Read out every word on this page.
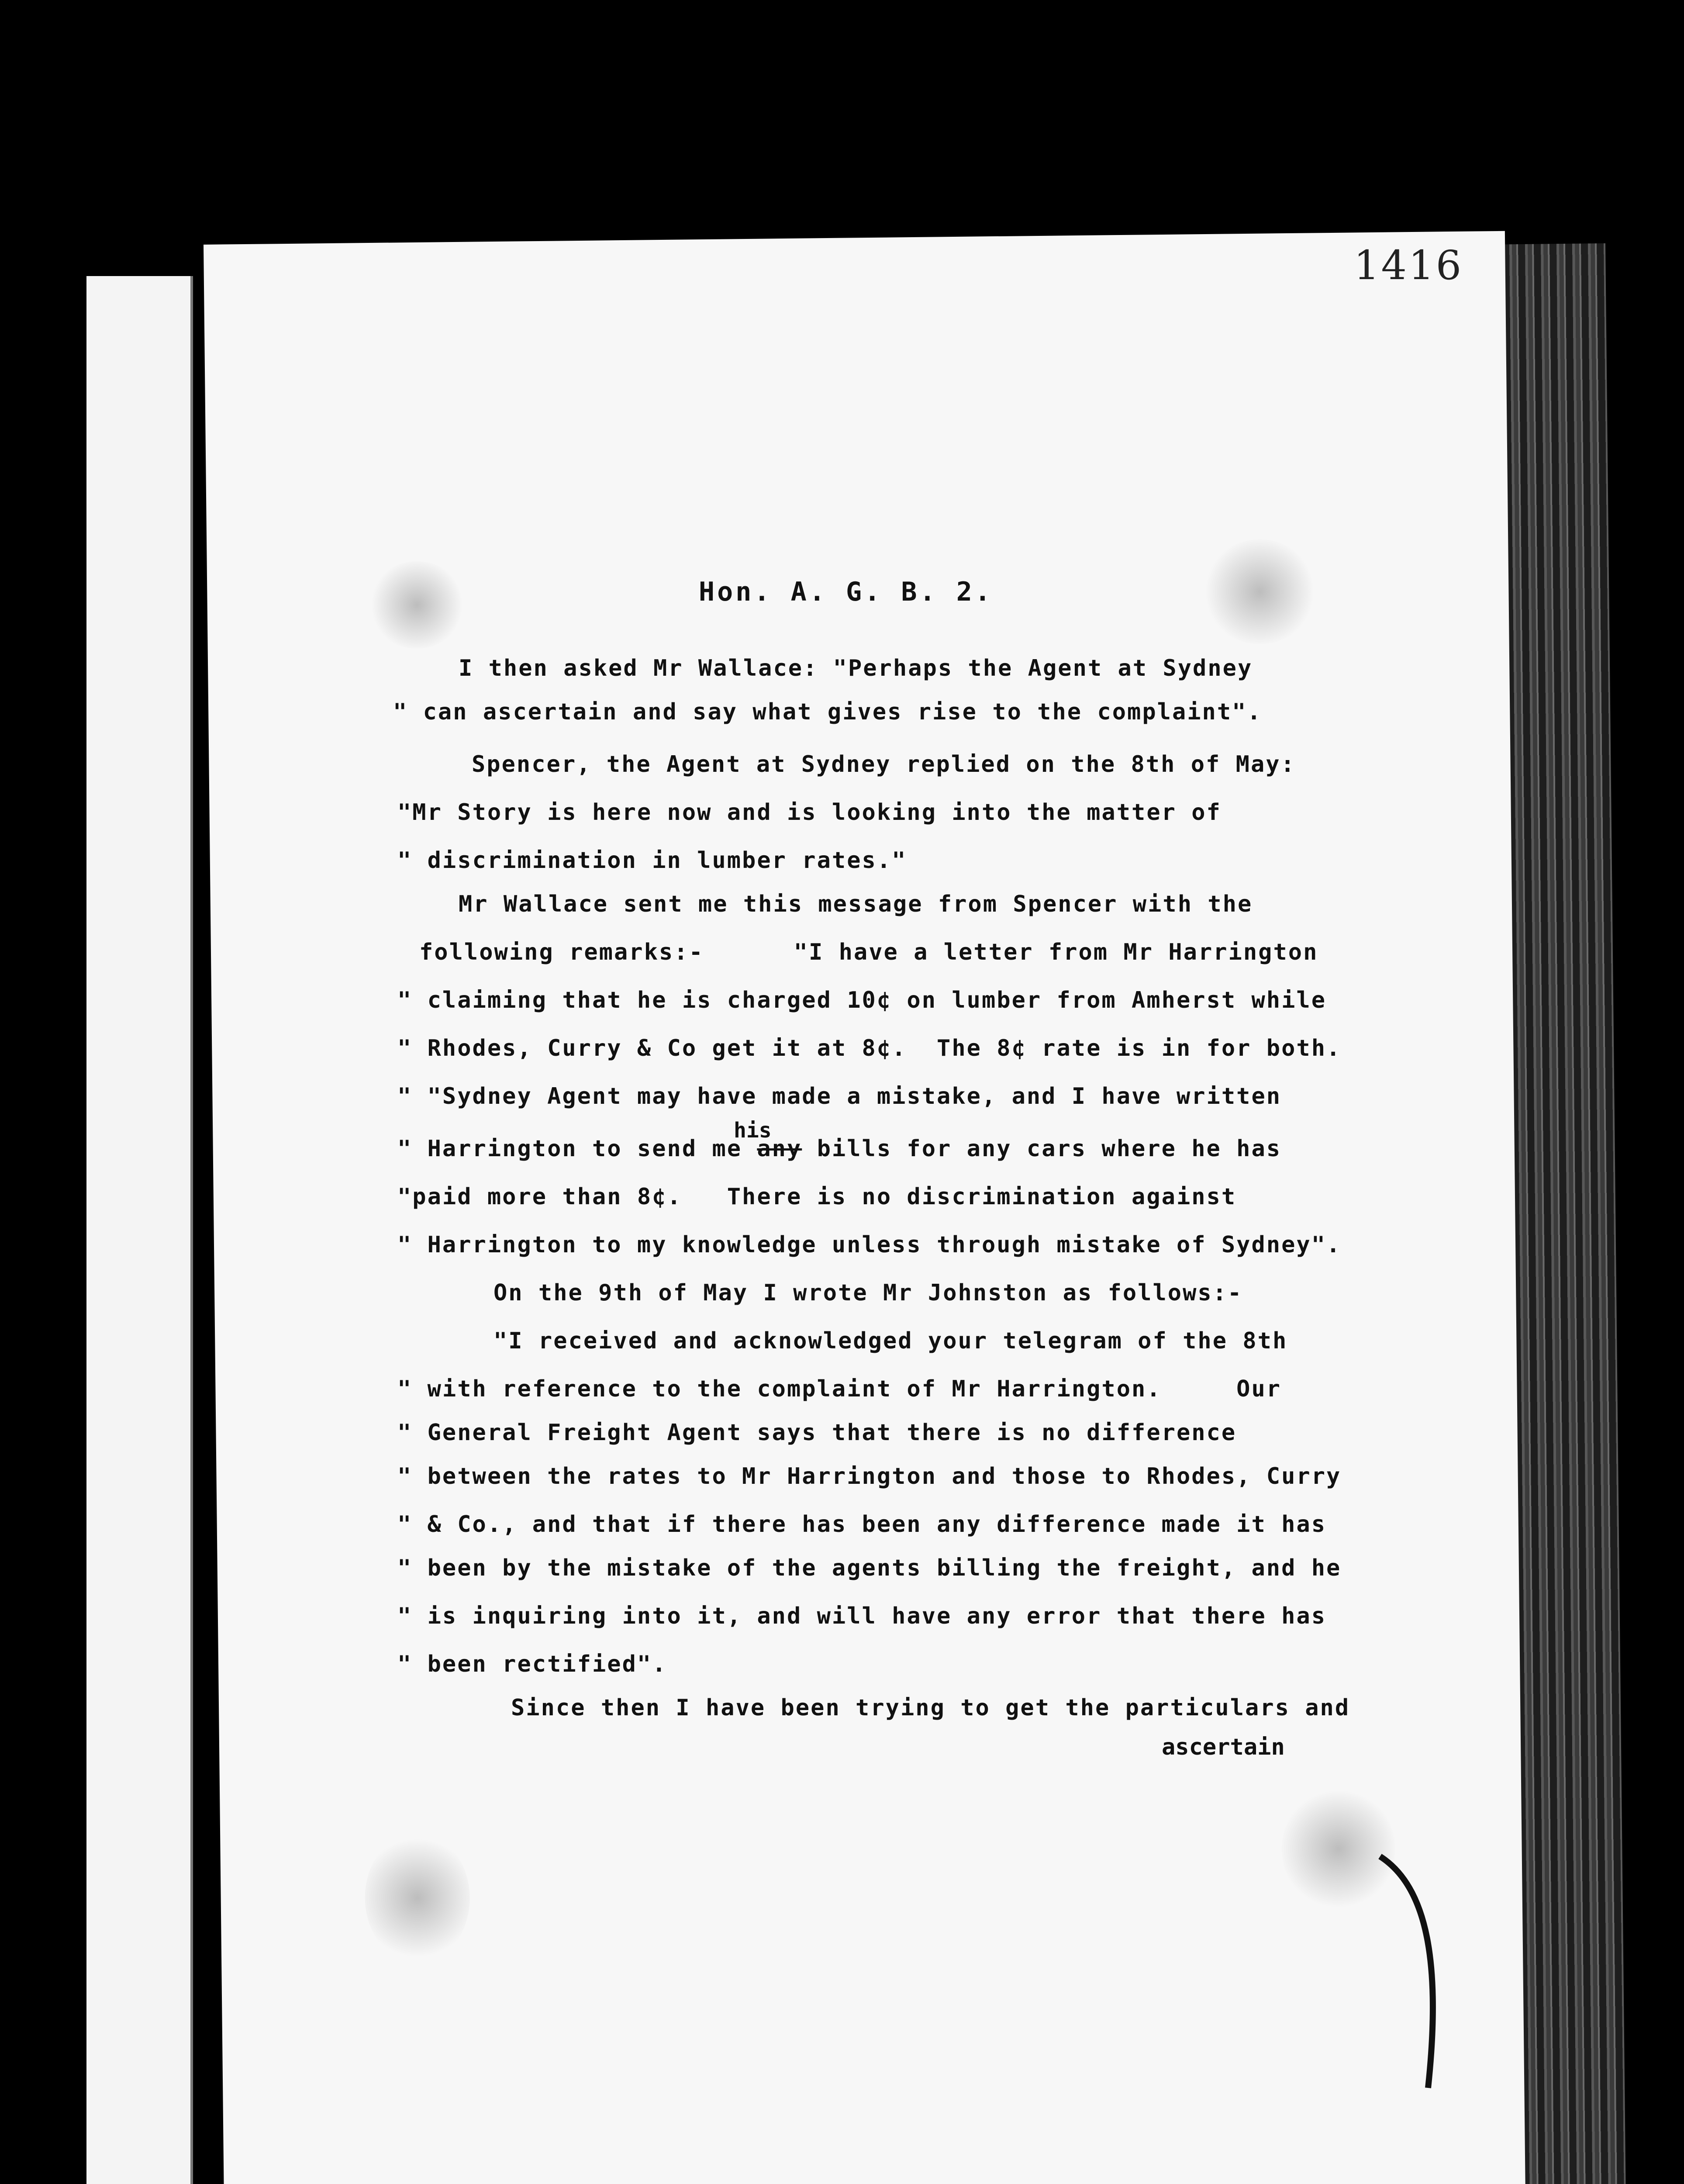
1416
Hon. A. G. B. 2.
I then asked Mr Wallace: "Perhaps the Agent at Sydney
" can ascertain and say what gives rise to the complaint".
Spencer, the Agent at Sydney replied on the 8th of May:
"Mr Story is here now and is looking into the matter of
" discrimination in lumber rates."
Mr Wallace sent me this message from Spencer with the
following remarks:-      "I have a letter from Mr Harrington
" claiming that he is charged 10¢ on lumber from Amherst while
" Rhodes, Curry & Co get it at 8¢.  The 8¢ rate is in for both.
" "Sydney Agent may have made a mistake, and I have written
his
" Harrington to send me any bills for any cars where he has
"paid more than 8¢.   There is no discrimination against
" Harrington to my knowledge unless through mistake of Sydney".
On the 9th of May I wrote Mr Johnston as follows:-
"I received and acknowledged your telegram of the 8th
" with reference to the complaint of Mr Harrington.     Our
" General Freight Agent says that there is no difference
" between the rates to Mr Harrington and those to Rhodes, Curry
" & Co., and that if there has been any difference made it has
" been by the mistake of the agents billing the freight, and he
" is inquiring into it, and will have any error that there has
" been rectified".
Since then I have been trying to get the particulars and
ascertain
